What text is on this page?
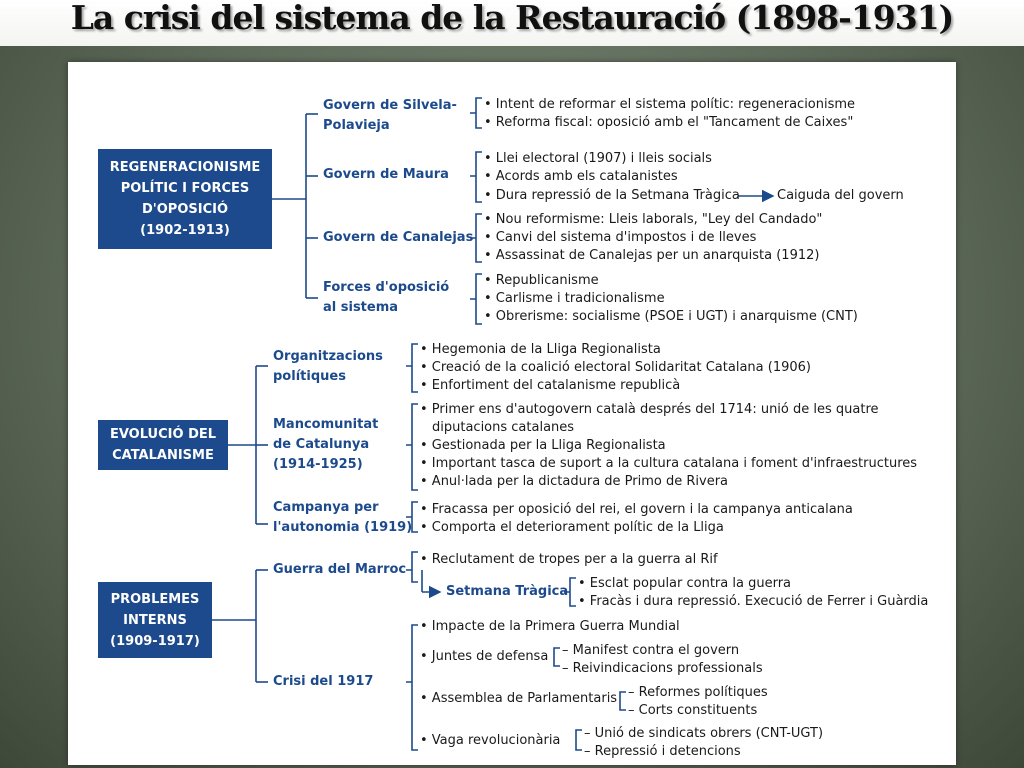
La crisi del sistema de la Restauració (1898-1931)
REGENERACIONISME
POLÍTIC I FORCES
D'OPOSICIÓ
(1902-1913)
Govern de Silvela-
Polavieja
• Intent de reformar el sistema polític: regeneracionisme
• Reforma fiscal: oposició amb el "Tancament de Caixes"
Govern de Maura
• Llei electoral (1907) i lleis socials
• Acords amb els catalanistes
• Dura repressió de la Setmana Tràgica	Caiguda del govern
Govern de Canalejas
• Nou reformisme: Lleis laborals, "Ley del Candado"
• Canvi del sistema d'impostos i de lleves
• Assassinat de Canalejas per un anarquista (1912)
Forces d'oposició
al sistema
• Republicanisme
• Carlisme i tradicionalisme
• Obrerisme: socialisme (PSOE i UGT) i anarquisme (CNT)
EVOLUCIÓ DEL
CATALANISME
Organitzacions
polítiques
• Hegemonia de la Lliga Regionalista
• Creació de la coalició electoral Solidaritat Catalana (1906)
• Enfortiment del catalanisme republicà
Mancomunitat
de Catalunya
(1914-1925)
• Primer ens d'autogovern català després del 1714: unió de les quatre
diputacions catalanes
• Gestionada per la Lliga Regionalista
• Important tasca de suport a la cultura catalana i foment d'infraestructures
• Anul·lada per la dictadura de Primo de Rivera
Campanya per
l'autonomia (1919)
• Fracassa per oposició del rei, el govern i la campanya anticalana
• Comporta el deteriorament polític de la Lliga
PROBLEMES
INTERNS
(1909-1917)
Guerra del Marroc
• Reclutament de tropes per a la guerra al Rif
Setmana Tràgica
• Esclat popular contra la guerra
• Fracàs i dura repressió. Execució de Ferrer i Guàrdia
Crisi del 1917
• Impacte de la Primera Guerra Mundial
• Juntes de defensa – Manifest contra el govern
– Reivindicacions professionals
• Assemblea de Parlamentaris – Reformes polítiques
– Corts constituents
• Vaga revolucionària – Unió de sindicats obrers (CNT-UGT)
– Repressió i detencions
